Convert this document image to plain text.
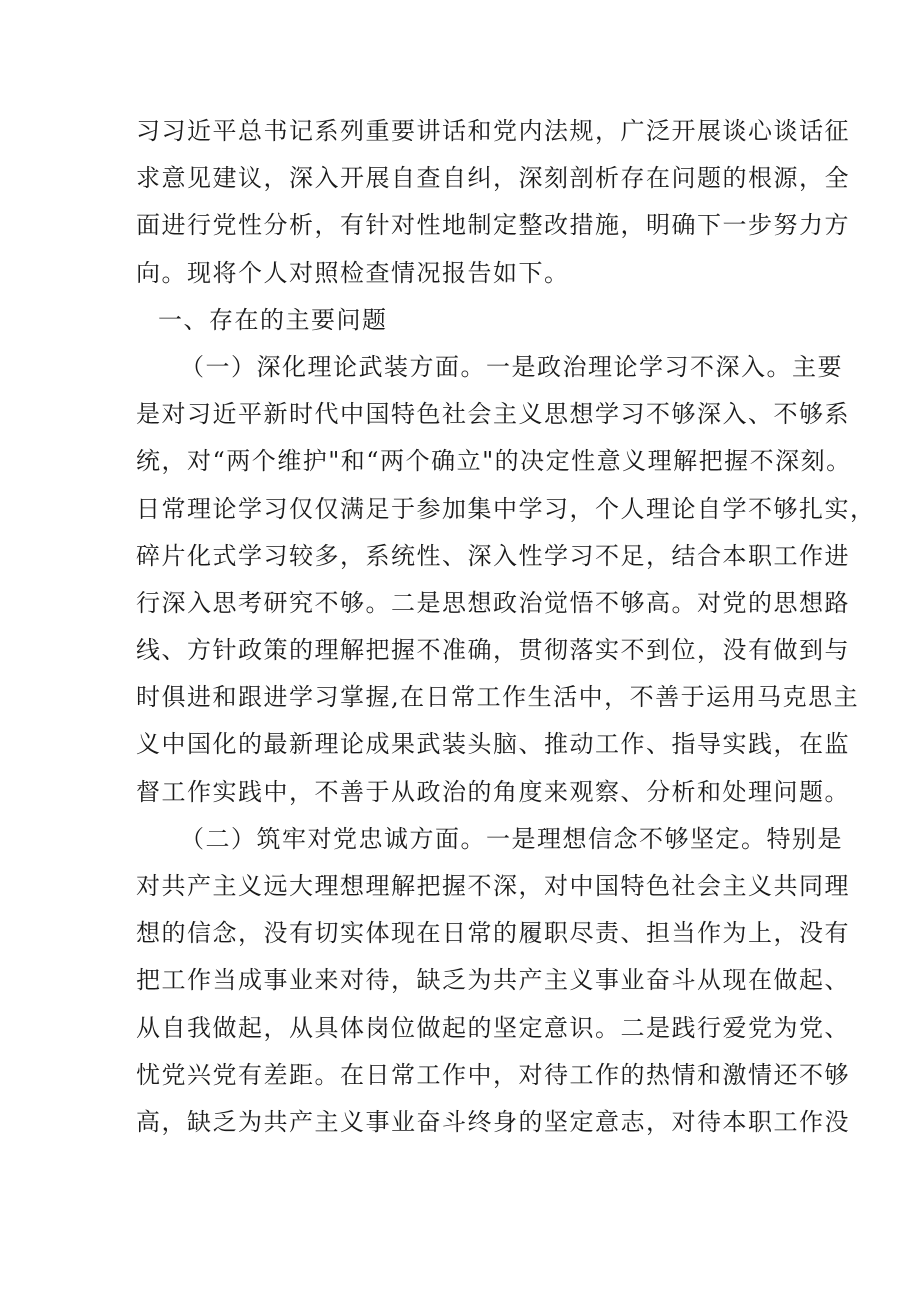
习习近平总书记系列重要讲话和党内法规，广泛开展谈心谈话征
求意见建议，深入开展自查自纠，深刻剖析存在问题的根源，全
面进行党性分析，有针对性地制定整改措施，明确下一步努力方
向。现将个人对照检查情况报告如下。
一、存在的主要问题
（一）深化理论武装方面。一是政治理论学习不深入。主要
是对习近平新时代中国特色社会主义思想学习不够深入、不够系
统，对“两个维护"和“两个确立"的决定性意义理解把握不深刻。
日常理论学习仅仅满足于参加集中学习，个人理论自学不够扎实，
碎片化式学习较多，系统性、深入性学习不足，结合本职工作进
行深入思考研究不够。二是思想政治觉悟不够高。对党的思想路
线、方针政策的理解把握不准确，贯彻落实不到位，没有做到与
时俱进和跟进学习掌握,在日常工作生活中，不善于运用马克思主
义中国化的最新理论成果武装头脑、推动工作、指导实践，在监
督工作实践中，不善于从政治的角度来观察、分析和处理问题。
（二）筑牢对党忠诚方面。一是理想信念不够坚定。特别是
对共产主义远大理想理解把握不深，对中国特色社会主义共同理
想的信念，没有切实体现在日常的履职尽责、担当作为上，没有
把工作当成事业来对待，缺乏为共产主义事业奋斗从现在做起、
从自我做起，从具体岗位做起的坚定意识。二是践行爱党为党、
忧党兴党有差距。在日常工作中，对待工作的热情和激情还不够
高，缺乏为共产主义事业奋斗终身的坚定意志，对待本职工作没
